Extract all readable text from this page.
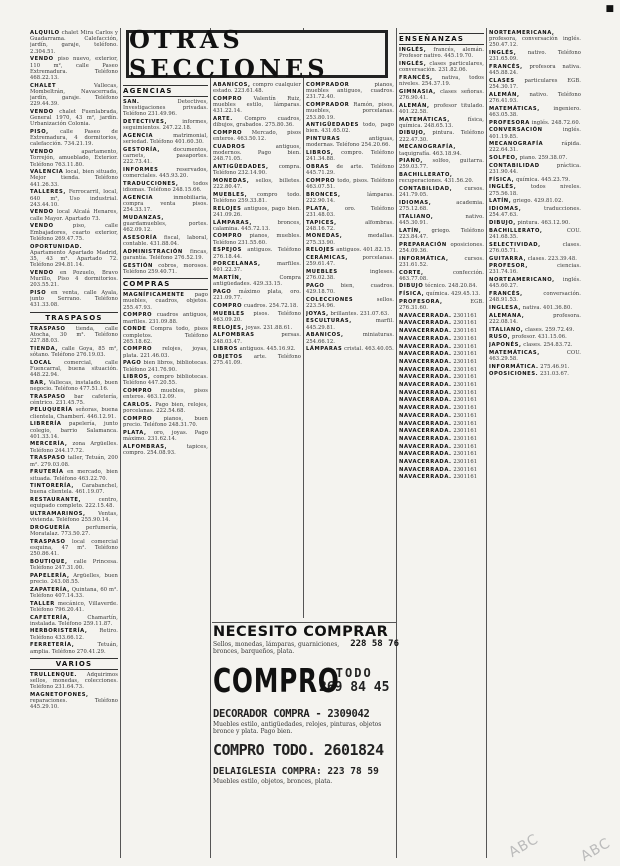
■

ALQUILO chalet Mira Carlos y Guadarrama. Calefacción, jardín, garaje, teléfono. 2.304.51.

VENDO piso nuevo, exterior, 110 m², calle Paseo Extremadura. Teléfono 468.22.13.

CHALET Vallecas, Mombeltrán, Navacerrada, jardín, garaje. Teléfono 229.44.39.

VENDO chalet Fuenlabrada, General 1970, 43 m², jardín. Urbanización Colonia.

PISO, calle Paseo de Extremadura, 4 dormitorios, calefacción. 734.21.19.

VENDO apartamento, Torrejón, amueblado, Exterior. Teléfono 763.11.80.

VALENCIA local, bien situado, Mejor tienda. Teléfono 441.26.33.

TALLERES, Ferrocarril, local, 640 m², Uso industrial. 243.44.10.

VENDO local Alcalá Henares, calle Mayor. Apartado 73.

VENDO piso, calle Embajadores, cuarto exterior, Teléfono 269.47.75.

OPORTUNIDAD. Apartamento Apartado Madrid, 35, 43 m². Apartado 72. Teléfono 294.81.14.

VENDO en Pozuelo, Bravo Murillo, Piso 4 dormitorios. 203.55.21.

PISO en venta, calle Ayala, junto Serrano. Teléfono 431.33.08.

TRASPASOS

TRASPASO tienda, calle Atocha, 30 m². Teléfono 227.88.03.

TIENDA, calle Goya, 85 m², sótano. Teléfono 276.19.03.

LOCAL comercial, calle Fuencarral, buena situación. 448.22.94.

BAR, Vallecas, instalado, buen negocio. Teléfono 477.51.16.

TRASPASO bar cafetería, céntrico. 231.45.75.

PELUQUERÍA señoras, buena clientela, Chamberí. 446.12.91.

LIBRERÍA papelería, junto colegio, barrio Salamanca. 401.33.14.

MERCERÍA, zona Argüelles. Teléfono 244.17.72.

TRASPASO taller, Tetuán, 200 m². 279.03.08.

FRUTERÍA en mercado, bien situada. Teléfono 463.22.70.

TINTORERÍA, Carabanchel, buena clientela. 461.19.07.

RESTAURANTE, centro, equipado completo. 222.15.48.

ULTRAMARINOS, Ventas, vivienda. Teléfono 255.90.14.

DROGUERÍA perfumería, Moratalaz. 773.50.27.

TRASPASO local comercial esquina, 47 m². Teléfono 250.86.41.

BOUTIQUE, calle Princesa. Teléfono 247.31.00.

PAPELERÍA, Argüelles, buen precio. 243.08.55.

ZAPATERÍA, Quintana, 60 m². Teléfono 407.14.33.

TALLER mecánico, Villaverde. Teléfono 796.20.41.

CAFETERÍA, Chamartín, instalada. Teléfono 259.11.87.

HERBORISTERÍA, Retiro. Teléfono 433.66.12.

FERRETERÍA, Tetuán, amplia. Teléfono 270.41.29.

VARIOS

TRULLENQUE. Adquirimos sellos, monedas, colecciones. Teléfono 231.64.73.

MAGNETOFONES, reparaciones. Teléfono 445.29.10.

OTRAS SECCIONES
AGENCIAS

SAN. Detectives, Investigaciones privadas. Teléfono 231.49.96.

DETECTIVES, informes, seguimientos. 247.22.18.

AGENCIA matrimonial, seriedad. Teléfono 401.60.30.

GESTORÍA, documentos, carnets, pasaportes. 222.73.41.

INFORMES reservados, comerciales. 445.93.20.

TRADUCCIONES, todos idiomas. Teléfono 248.15.66.

AGENCIA inmobiliaria, compra venta pisos. 254.33.17.

MUDANZAS, guardamuebles, portes. 462.09.12.

ASESORÍA fiscal, laboral, contable. 431.88.04.

ADMINISTRACIÓN fincas, garantía. Teléfono 276.52.19.

GESTIÓN cobros, morosos. Teléfono 259.40.71.

COMPRAS

MAGNÍFICAMENTE pago muebles, cuadros, objetos. 255.47.93.

COMPRO cuadros antiguos, marfiles. 231.09.88.

CONDE Compra todo, pisos completos. Teléfono 265.18.62.

COMPRO relojes, joyas, plata. 221.46.03.

PAGO bien libros, bibliotecas. Teléfono 241.76.90.

LIBROS, compro bibliotecas. Teléfono 447.20.55.

COMPRO muebles, pisos enteros. 463.12.09.

CARLOS. Pago bien, relojes, porcelanas. 222.54.68.

COMPRO pianos, buen precio. Teléfono 248.31.70.

PLATA, oro, joyas. Pago máximo. 231.62.14.

ALFOMBRAS, tapices, compro. 254.08.93.

ABANICOS, compro cualquier estado. 223.61.48.

COMPRO Valentín Ruiz, muebles estilo, lámparas. 431.22.14.

ARTE. Compro cuadros, dibujos, grabados. 275.80.36.

COMPRO Mercado, pisos enteros. 463.50.12.

CUADROS antiguos, modernos. Pago bien. 248.71.05.

ANTIGÜEDADES, compra. Teléfono 232.14.90.

MONEDAS, sellos, billetes. 222.80.47.

MUEBLES, compro todo. Teléfono 259.33.81.

RELOJES antiguos, pago bien. 241.09.26.

LÁMPARAS, bronces, calamina. 445.72.13.

COMPRO pianos, muebles. Teléfono 231.55.60.

ESPEJOS antiguos. Teléfono 276.18.44.

PORCELANAS, marfiles. 401.22.37.

MARTÍN, Compra antigüedades. 429.33.15.

PAGO máximo plata, oro. 221.09.77.

COMPRO cuadros. 254.72.18.

MUEBLES pisos. Teléfono 463.09.20.

RELOJES, joyas. 231.88.61.

ALFOMBRAS persas. 248.03.47.

LIBROS antiguos. 445.16.92.

OBJETOS arte. Teléfono 275.41.09.

COMPRADOR pianos, muebles antiguos, cuadros. 231.72.40.

COMPRADOR Ramón, pisos, muebles, porcelanas. 253.80.19.

ANTIGÜEDADES todo, pago bien. 431.65.02.

PINTURAS antiguas, modernas. Teléfono 254.20.66.

LIBROS, compro. Teléfono 241.34.88.

OBRAS de arte. Teléfono 445.71.29.

COMPRO todo, pisos. Teléfono 463.07.51.

BRONCES, lámparas. 222.90.14.

PLATA, oro. Teléfono 231.48.03.

TAPICES, alfombras. 248.16.72.

MONEDAS, medallas. 275.33.90.

RELOJES antiguos. 401.82.15.

CERÁMICAS, porcelanas. 259.61.47.

MUEBLES ingleses. 276.02.38.

PAGO bien, cuadros. 429.18.70.

COLECCIONES sellos. 223.54.96.

JOYAS, brillantes. 231.07.63.

ESCULTURAS, marfil. 445.29.81.

ABANICOS, miniaturas. 254.66.12.

LÁMPARAS cristal. 463.40.05.

NECESITO COMPRAR
228 58 76
Sellos, monedas, lámparas, guarniciones, bronces, barqueños, plata.
COMPRO
TODO
269 84 45
DECORADOR COMPRA - 2309042
Muebles estilo, antigüedades, relojes, pinturas, objetos bronce y plata. Pago bien.
COMPRO TODO. 2601824
DELAIGLESIA COMPRA: 223 78 59
Muebles estilo, objetos, bronces, plata.
ENSEÑANZAS

INGLÉS, francés, alemán. Profesor nativo. 445.19.70.

INGLÉS, clases particulares, conversación. 231.82.06.

FRANCÉS, nativa, todos niveles. 254.37.19.

GIMNASIA, clases señoras. 276.90.41.

ALEMÁN, profesor titulado. 401.22.58.

MATEMÁTICAS, física, química. 248.65.13.

DIBUJO, pintura. Teléfono 222.47.30.

MECANOGRAFÍA, taquigrafía. 463.18.94.

PIANO, solfeo, guitarra. 259.03.77.

BACHILLERATO, recuperaciones. 431.56.20.

CONTABILIDAD, cursos. 241.79.05.

IDIOMAS, academia. 275.12.68.

ITALIANO, nativo. 445.30.91.

LATÍN, griego. Teléfono 223.84.47.

PREPARACIÓN oposiciones. 254.09.36.

INFORMÁTICA, cursos. 231.61.52.

CORTE, confección. 463.77.08.

DIBUJO técnico. 248.20.84.

FÍSICA, química. 429.45.13.

PROFESORA, EGB. 276.31.60.

NAVACERRADA. 2301161

NAVACERRADA. 2301161

NAVACERRADA. 2301161

NAVACERRADA. 2301161

NAVACERRADA. 2301161

NAVACERRADA. 2301161

NAVACERRADA. 2301161

NAVACERRADA. 2301161

NAVACERRADA. 2301161

NAVACERRADA. 2301161

NAVACERRADA. 2301161

NAVACERRADA. 2301161

NAVACERRADA. 2301161

NAVACERRADA. 2301161

NAVACERRADA. 2301161

NAVACERRADA. 2301161

NAVACERRADA. 2301161

NAVACERRADA. 2301161

NAVACERRADA. 2301161

NAVACERRADA. 2301161

NAVACERRADA. 2301161

NAVACERRADA. 2301161

NORTEAMERICANA, profesora, conversación inglés. 250.47.12.

INGLÉS, nativo. Teléfono 231.65.09.

FRANCÉS, profesora nativa. 445.88.24.

CLASES particulares EGB. 254.30.17.

ALEMÁN, nativo. Teléfono 276.41.93.

MATEMÁTICAS, ingeniero. 463.05.38.

PROFESORA inglés. 248.72.60.

CONVERSACIÓN inglés. 401.19.85.

MECANOGRAFÍA rápida. 222.64.31.

SOLFEO, piano. 259.38.07.

CONTABILIDAD práctica. 231.90.44.

FÍSICA, química. 445.23.79.

INGLÉS, todos niveles. 275.56.18.

LATÍN, griego. 429.81.02.

IDIOMAS, traducciones. 254.47.63.

DIBUJO, pintura. 463.12.90.

BACHILLERATO, COU. 241.68.35.

SELECTIVIDAD, clases. 276.05.71.

GUITARRA, clases. 223.39.48.

PROFESOR, ciencias. 231.74.16.

NORTEAMERICANO, inglés. 445.60.27.

FRANCÉS, conversación. 248.91.53.

INGLESA, nativa. 401.36.80.

ALEMANA, profesora. 222.08.14.

ITALIANO, clases. 259.72.49.

RUSO, profesor. 431.15.06.

JAPONÉS, clases. 254.83.72.

MATEMÁTICAS, COU. 463.29.58.

INFORMÁTICA. 275.46.91.

OPOSICIONES. 231.03.67.

ABC	ABC
